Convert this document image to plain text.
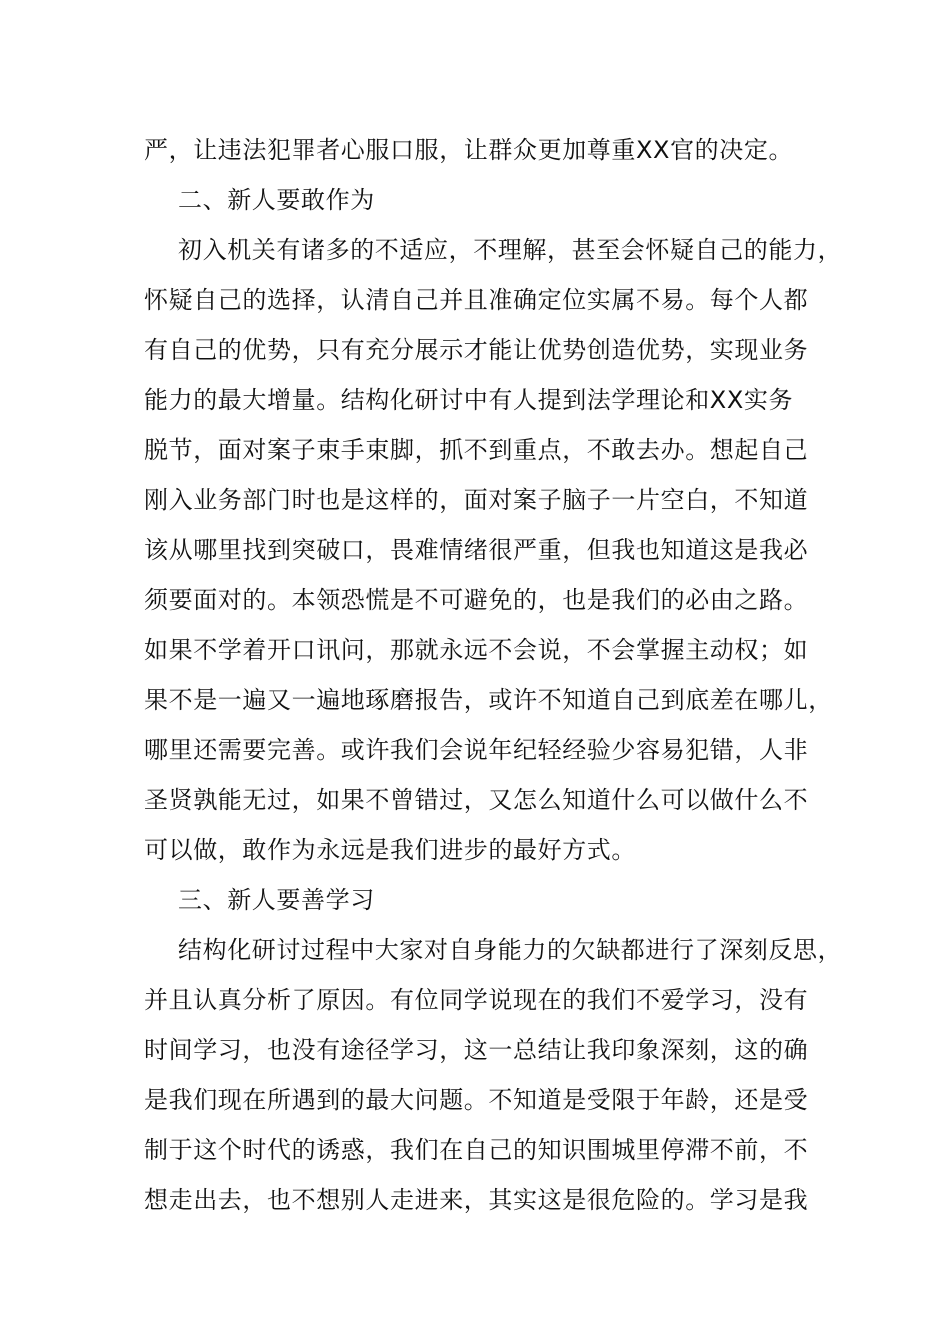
严，让违法犯罪者心服口服，让群众更加尊重XX官的决定。

二、新人要敢作为

初入机关有诸多的不适应，不理解，甚至会怀疑自己的能力，

怀疑自己的选择，认清自己并且准确定位实属不易。每个人都

有自己的优势，只有充分展示才能让优势创造优势，实现业务

能力的最大增量。结构化研讨中有人提到法学理论和XX实务

脱节，面对案子束手束脚，抓不到重点，不敢去办。想起自己

刚入业务部门时也是这样的，面对案子脑子一片空白，不知道

该从哪里找到突破口，畏难情绪很严重，但我也知道这是我必

须要面对的。本领恐慌是不可避免的，也是我们的必由之路。

如果不学着开口讯问，那就永远不会说，不会掌握主动权；如

果不是一遍又一遍地琢磨报告，或许不知道自己到底差在哪儿，

哪里还需要完善。或许我们会说年纪轻经验少容易犯错，人非

圣贤孰能无过，如果不曾错过，又怎么知道什么可以做什么不

可以做，敢作为永远是我们进步的最好方式。

三、新人要善学习

结构化研讨过程中大家对自身能力的欠缺都进行了深刻反思，

并且认真分析了原因。有位同学说现在的我们不爱学习，没有

时间学习，也没有途径学习，这一总结让我印象深刻，这的确

是我们现在所遇到的最大问题。不知道是受限于年龄，还是受

制于这个时代的诱惑，我们在自己的知识围城里停滞不前，不

想走出去，也不想别人走进来，其实这是很危险的。学习是我
